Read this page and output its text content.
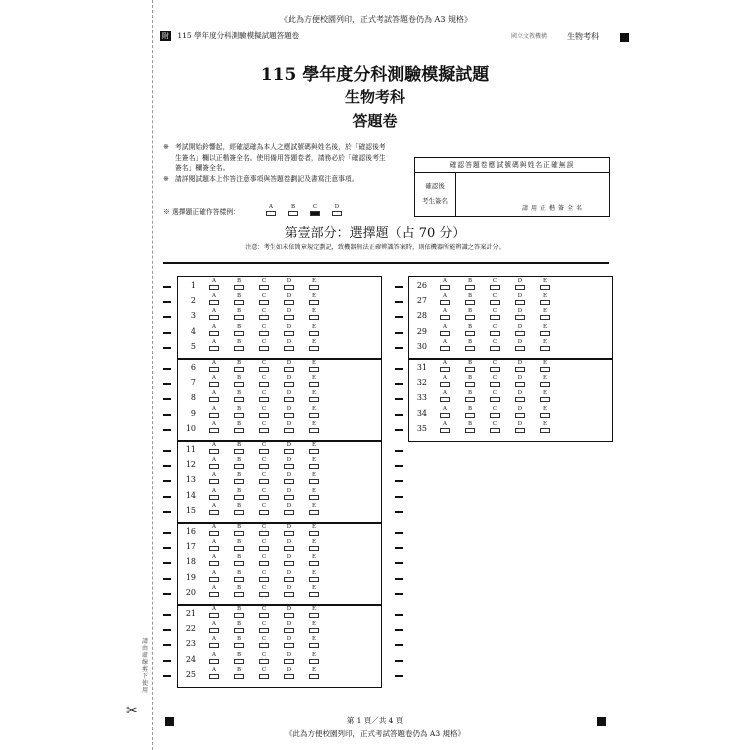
請由虛線剪下使用
✂
《此為方便校園列印，正式考試答題卷仍為 A3 規格》
附 115 學年度分科測驗模擬試題答題卷	國立文教機構	生物考科
115 學年度分科測驗模擬試題
生物考科
答題卷
※ 考試開始鈴響起，經確認確為本人之應試號碼與姓名後，於「確認後考生簽名」欄以正楷簽全名。使用備用答題卷者，請務必於「確認後考生簽名」欄簽全名。
※ 請詳閱試題本上作答注意事項與答題卷劃記及書寫注意事項。
※ 選擇題正確作答樣例：
A	B	C	D
確認答題卷應試號碼與姓名正確無誤
確認後
考生簽名
請用正楷簽全名
第壹部分：選擇題（占 70 分）
注意：考生如未依簡章規定劃記，致機器無法正確辨識答案時，則依機器所能辨識之答案計分。
1	A	B	C	D	E
2	A	B	C	D	E
3	A	B	C	D	E
4	A	B	C	D	E
5	A	B	C	D	E
6	A	B	C	D	E
7	A	B	C	D	E
8	A	B	C	D	E
9	A	B	C	D	E
10	A	B	C	D	E
11	A	B	C	D	E
12	A	B	C	D	E
13	A	B	C	D	E
14	A	B	C	D	E
15	A	B	C	D	E
16	A	B	C	D	E
17	A	B	C	D	E
18	A	B	C	D	E
19	A	B	C	D	E
20	A	B	C	D	E
21	A	B	C	D	E
22	A	B	C	D	E
23	A	B	C	D	E
24	A	B	C	D	E
25	A	B	C	D	E
26	A	B	C	D	E
27	A	B	C	D	E
28	A	B	C	D	E
29	A	B	C	D	E
30	A	B	C	D	E
31	A	B	C	D	E
32	A	B	C	D	E
33	A	B	C	D	E
34	A	B	C	D	E
35	A	B	C	D	E
第 1 頁／共 4 頁
《此為方便校園列印，正式考試答題卷仍為 A3 規格》
